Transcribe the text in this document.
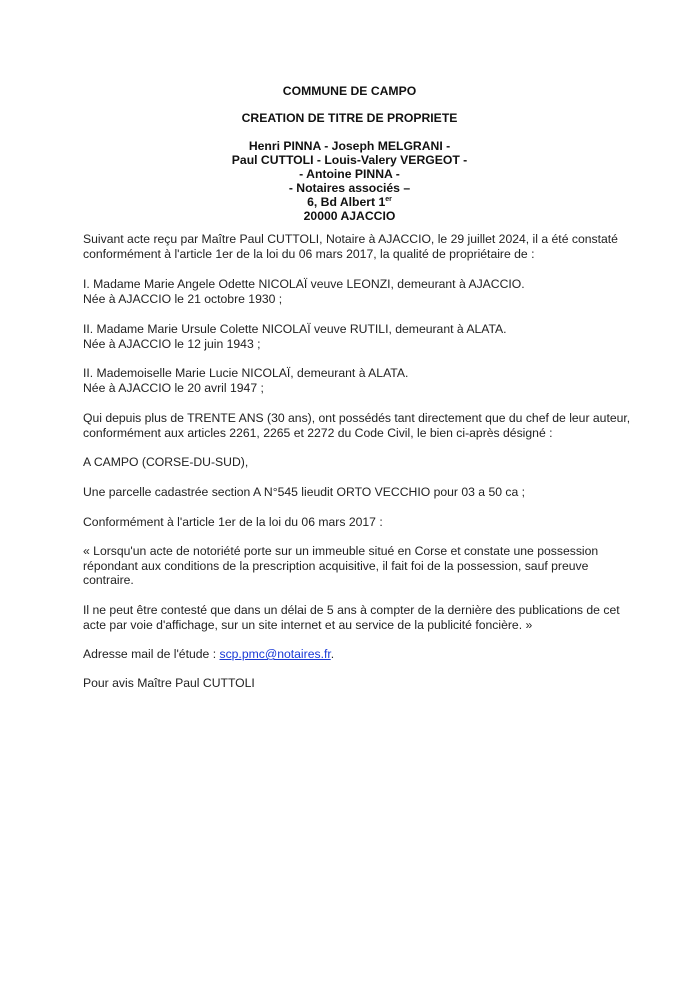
COMMUNE DE CAMPO
CREATION DE TITRE DE PROPRIETE
Henri PINNA - Joseph MELGRANI -
Paul CUTTOLI - Louis-Valery VERGEOT -
- Antoine PINNA -
- Notaires associés –
6, Bd Albert 1er
20000 AJACCIO
Suivant acte reçu par Maître Paul CUTTOLI, Notaire à AJACCIO, le 29 juillet 2024, il a été constaté
conformément à l'article 1er de la loi du 06 mars 2017, la qualité de propriétaire de :
I. Madame Marie Angele Odette NICOLAÏ veuve LEONZI, demeurant à AJACCIO.
Née à AJACCIO le 21 octobre 1930 ;
II. Madame Marie Ursule Colette NICOLAÏ veuve RUTILI, demeurant à ALATA.
Née à AJACCIO le 12 juin 1943 ;
II. Mademoiselle Marie Lucie NICOLAÏ, demeurant à ALATA.
Née à AJACCIO le 20 avril 1947 ;
Qui depuis plus de TRENTE ANS (30 ans), ont possédés tant directement que du chef de leur auteur,
conformément aux articles 2261, 2265 et 2272 du Code Civil, le bien ci-après désigné :
A CAMPO (CORSE-DU-SUD),
Une parcelle cadastrée section A N°545 lieudit ORTO VECCHIO pour 03 a 50 ca ;
Conformément à l'article 1er de la loi du 06 mars 2017 :
« Lorsqu'un acte de notoriété porte sur un immeuble situé en Corse et constate une possession
répondant aux conditions de la prescription acquisitive, il fait foi de la possession, sauf preuve
contraire.
Il ne peut être contesté que dans un délai de 5 ans à compter de la dernière des publications de cet
acte par voie d'affichage, sur un site internet et au service de la publicité foncière. »
Adresse mail de l'étude : scp.pmc@notaires.fr.
Pour avis Maître Paul CUTTOLI
